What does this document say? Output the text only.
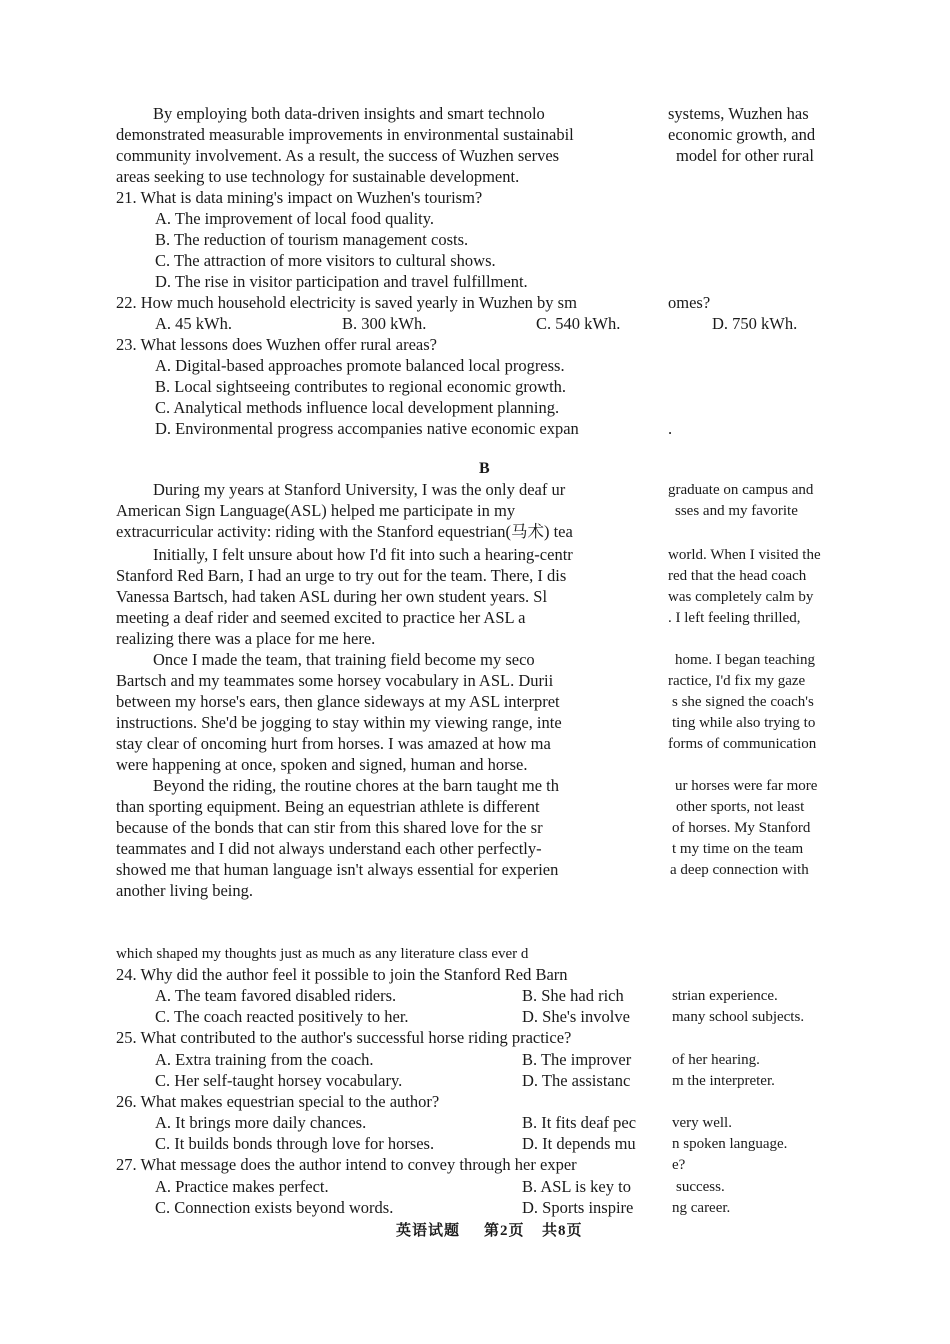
By employing both data-driven insights and smart technolo	systems, Wuzhen has
demonstrated measurable improvements in environmental sustainabil	economic growth, and
community involvement. As a result, the success of Wuzhen serves	model for other rural
areas seeking to use technology for sustainable development.
21. What is data mining's impact on Wuzhen's tourism?
A. The improvement of local food quality.
B. The reduction of tourism management costs.
C. The attraction of more visitors to cultural shows.
D. The rise in visitor participation and travel fulfillment.
22. How much household electricity is saved yearly in Wuzhen by sm	omes?
A. 45 kWh.	B. 300 kWh.	C. 540 kWh.	D. 750 kWh.
23. What lessons does Wuzhen offer rural areas?
A. Digital-based approaches promote balanced local progress.
B. Local sightseeing contributes to regional economic growth.
C. Analytical methods influence local development planning.
D. Environmental progress accompanies native economic expan	.
B
During my years at Stanford University, I was the only deaf ur	graduate on campus and
American Sign Language(ASL) helped me participate in my	sses and my favorite
extracurricular activity: riding with the Stanford equestrian(马术) tea
Initially, I felt unsure about how I'd fit into such a hearing-centr	world. When I visited the
Stanford Red Barn, I had an urge to try out for the team. There, I dis	red that the head coach
Vanessa Bartsch, had taken ASL during her own student years. Sl	was completely calm by
meeting a deaf rider and seemed excited to practice her ASL a	. I left feeling thrilled,
realizing there was a place for me here.
Once I made the team, that training field become my seco	home. I began teaching
Bartsch and my teammates some horsey vocabulary in ASL. Durii	ractice, I'd fix my gaze
between my horse's ears, then glance sideways at my ASL interpret	s she signed the coach's
instructions. She'd be jogging to stay within my viewing range, inte	ting while also trying to
stay clear of oncoming hurt from horses. I was amazed at how ma	forms of communication
were happening at once, spoken and signed, human and horse.
Beyond the riding, the routine chores at the barn taught me th	ur horses were far more
than sporting equipment. Being an equestrian athlete is different	other sports, not least
because of the bonds that can stir from this shared love for the sr	of horses. My Stanford
teammates and I did not always understand each other perfectly-	t my time on the team
showed me that human language isn't always essential for experien	a deep connection with
another living being.
which shaped my thoughts just as much as any literature class ever d
24. Why did the author feel it possible to join the Stanford Red Barn
A. The team favored disabled riders.	B. She had rich	strian experience.
C. The coach reacted positively to her.	D. She's involve	many school subjects.
25. What contributed to the author's successful horse riding practice?
A. Extra training from the coach.	B. The improver	of her hearing.
C. Her self-taught horsey vocabulary.	D. The assistanc	m the interpreter.
26. What makes equestrian special to the author?
A. It brings more daily chances.	B. It fits deaf pec very well.
C. It builds bonds through love for horses.	D. It depends mu n spoken language.
27. What message does the author intend to convey through her exper	e?
A. Practice makes perfect.	B. ASL is key to	success.
C. Connection exists beyond words.	D. Sports inspire	ng career.
英语试题 第2页 共8页
